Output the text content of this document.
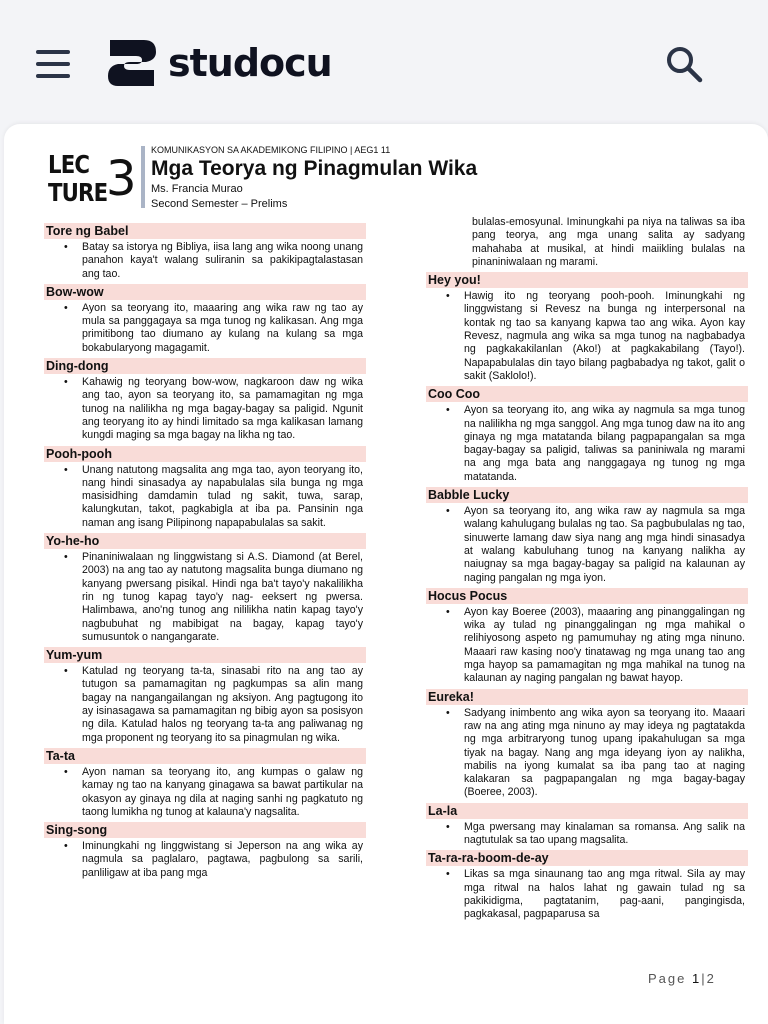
studocu
LEC
TURE
3
KOMUNIKASYON SA AKADEMIKONG FILIPINO | AEG1 11
Mga Teorya ng Pinagmulan Wika
Ms. Francia Murao
Second Semester – Prelims
Tore ng Babel

• Batay sa istorya ng Bibliya, iisa lang ang wika noong unang panahon kaya't walang suliranin sa pakikipagtalastasan ang tao.

Bow-wow

• Ayon sa teoryang ito, maaaring ang wika raw ng tao ay mula sa panggagaya sa mga tunog ng kalikasan. Ang mga primitibong tao diumano ay kulang na kulang sa mga bokabularyong magagamit.

Ding-dong

• Kahawig ng teoryang bow-wow, nagkaroon daw ng wika ang tao, ayon sa teoryang ito, sa pamamagitan ng mga tunog na nalilikha ng mga bagay-bagay sa paligid. Ngunit ang teoryang ito ay hindi limitado sa mga kalikasan lamang kungdi maging sa mga bagay na likha ng tao.

Pooh-pooh

• Unang natutong magsalita ang mga tao, ayon teoryang ito, nang hindi sinasadya ay napabulalas sila bunga ng mga masisidhing damdamin tulad ng sakit, tuwa, sarap, kalungkutan, takot, pagkabigla at iba pa. Pansinin nga naman ang isang Pilipinong napapabulalas sa sakit.

Yo-he-ho

• Pinaniniwalaan ng linggwistang si A.S. Diamond (at Berel, 2003) na ang tao ay natutong magsalita bunga diumano ng kanyang pwersang pisikal. Hindi nga ba't tayo'y nakalilikha rin ng tunog kapag tayo'y nag- eeksert ng pwersa. Halimbawa, ano'ng tunog ang nililikha natin kapag tayo'y nagbubuhat ng mabibigat na bagay, kapag tayo'y sumusuntok o nangangarate.

Yum-yum

• Katulad ng teoryang ta-ta, sinasabi rito na ang tao ay tutugon sa pamamagitan ng pagkumpas sa alin mang bagay na nangangailangan ng aksiyon. Ang pagtugong ito ay isinasagawa sa pamamagitan ng bibig ayon sa posisyon ng dila. Katulad halos ng teoryang ta-ta ang paliwanag ng mga proponent ng teoryang ito sa pinagmulan ng wika.

Ta-ta

• Ayon naman sa teoryang ito, ang kumpas o galaw ng kamay ng tao na kanyang ginagawa sa bawat partikular na okasyon ay ginaya ng dila at naging sanhi ng pagkatuto ng taong lumikha ng tunog at kalauna'y nagsalita.

Sing-song

• Iminungkahi ng linggwistang si Jeperson na ang wika ay nagmula sa paglalaro, pagtawa, pagbulong sa sarili, panliligaw at iba pang mga

bulalas-emosyunal. Iminungkahi pa niya na taliwas sa iba pang teorya, ang mga unang salita ay sadyang mahahaba at musikal, at hindi maiikling bulalas na pinaniniwalaan ng marami.

Hey you!

• Hawig ito ng teoryang pooh-pooh. Iminungkahi ng linggwistang si Revesz na bunga ng interpersonal na kontak ng tao sa kanyang kapwa tao ang wika. Ayon kay Revesz, nagmula ang wika sa mga tunog na nagbabadya ng pagkakakilanlan (Ako!) at pagkakabilang (Tayo!). Napapabulalas din tayo bilang pagbabadya ng takot, galit o sakit (Saklolo!).

Coo Coo

• Ayon sa teoryang ito, ang wika ay nagmula sa mga tunog na nalilikha ng mga sanggol. Ang mga tunog daw na ito ang ginaya ng mga matatanda bilang pagpapangalan sa mga bagay-bagay sa paligid, taliwas sa paniniwala ng marami na ang mga bata ang nanggagaya ng tunog ng mga matatanda.

Babble Lucky

• Ayon sa teoryang ito, ang wika raw ay nagmula sa mga walang kahulugang bulalas ng tao. Sa pagbubulalas ng tao, sinuwerte lamang daw siya nang ang mga hindi sinasadya at walang kabuluhang tunog na kanyang nalikha ay naiugnay sa mga bagay-bagay sa paligid na kalaunan ay naging pangalan ng mga iyon.

Hocus Pocus

• Ayon kay Boeree (2003), maaaring ang pinanggalingan ng wika ay tulad ng pinanggalingan ng mga mahikal o relihiyosong aspeto ng pamumuhay ng ating mga ninuno. Maaari raw kasing noo'y tinatawag ng mga unang tao ang mga hayop sa pamamagitan ng mga mahikal na tunog na kalaunan ay naging pangalan ng bawat hayop.

Eureka!

• Sadyang inimbento ang wika ayon sa teoryang ito. Maaari raw na ang ating mga ninuno ay may ideya ng pagtatakda ng mga arbitraryong tunog upang ipakahulugan sa mga tiyak na bagay. Nang ang mga ideyang iyon ay nalikha, mabilis na iyong kumalat sa iba pang tao at naging kalakaran sa pagpapangalan ng mga bagay-bagay (Boeree, 2003).

La-la

• Mga pwersang may kinalaman sa romansa. Ang salik na nagtutulak sa tao upang magsalita.

Ta-ra-ra-boom-de-ay

• Likas sa mga sinaunang tao ang mga ritwal. Sila ay may mga ritwal na halos lahat ng gawain tulad ng sa pakikidigma, pagtatanim, pag-aani, pangingisda, pagkakasal, pagpaparusa sa

Page 1|2
